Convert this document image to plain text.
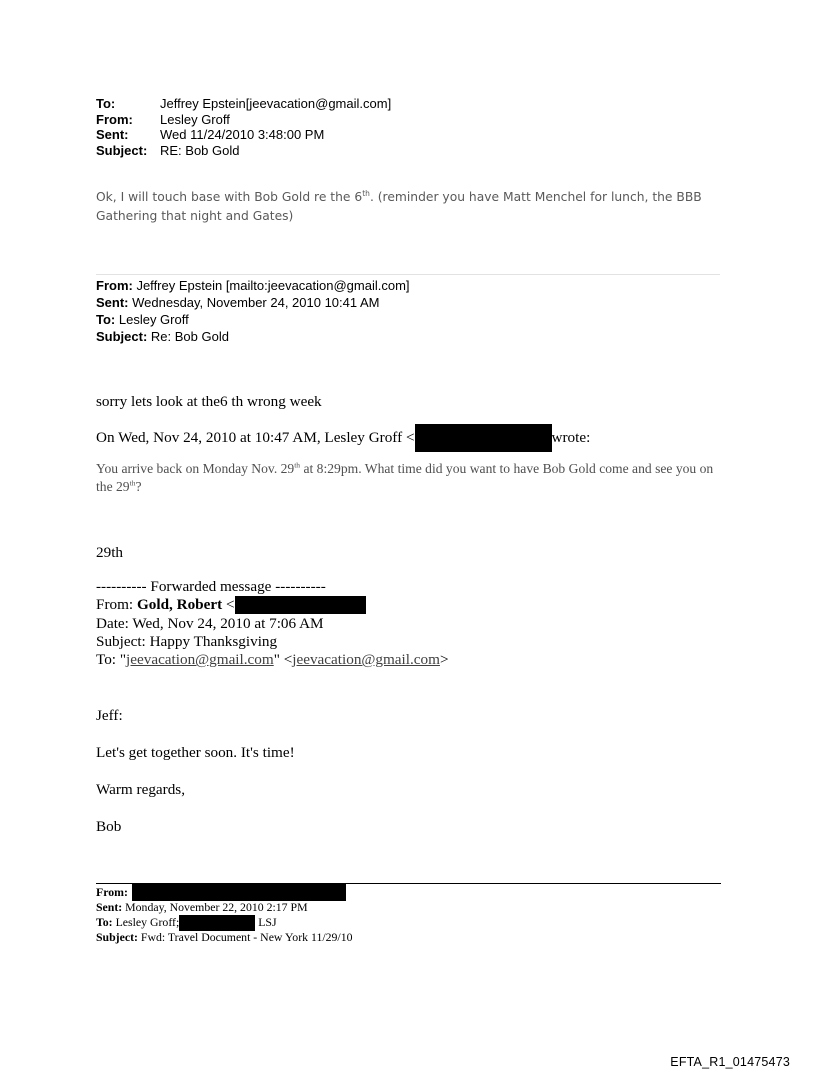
To:	Jeffrey Epstein[jeevacation@gmail.com]
From:	Lesley Groff
Sent:	Wed 11/24/2010 3:48:00 PM
Subject: RE: Bob Gold
Ok, I will touch base with Bob Gold re the 6th. (reminder you have Matt Menchel for lunch, the BBB Gathering that night and Gates)
From: Jeffrey Epstein [mailto:jeevacation@gmail.com]
Sent: Wednesday, November 24, 2010 10:41 AM
To: Lesley Groff
Subject: Re: Bob Gold
sorry lets look at the6 th wrong week
On Wed, Nov 24, 2010 at 10:47 AM, Lesley Groff <	wrote:
You arrive back on Monday Nov. 29th at 8:29pm. What time did you want to have Bob Gold come and see you on the 29th?
29th
---------- Forwarded message ----------
From: Gold, Robert <
Date: Wed, Nov 24, 2010 at 7:06 AM
Subject: Happy Thanksgiving
To: "jeevacation@gmail.com" <jeevacation@gmail.com>
Jeff:
Let's get together soon. It's time!
Warm regards,
Bob
From:
Sent: Monday, November 22, 2010 2:17 PM
To: Lesley Groff;	LSJ
Subject: Fwd: Travel Document - New York 11/29/10
EFTA_R1_01475473
